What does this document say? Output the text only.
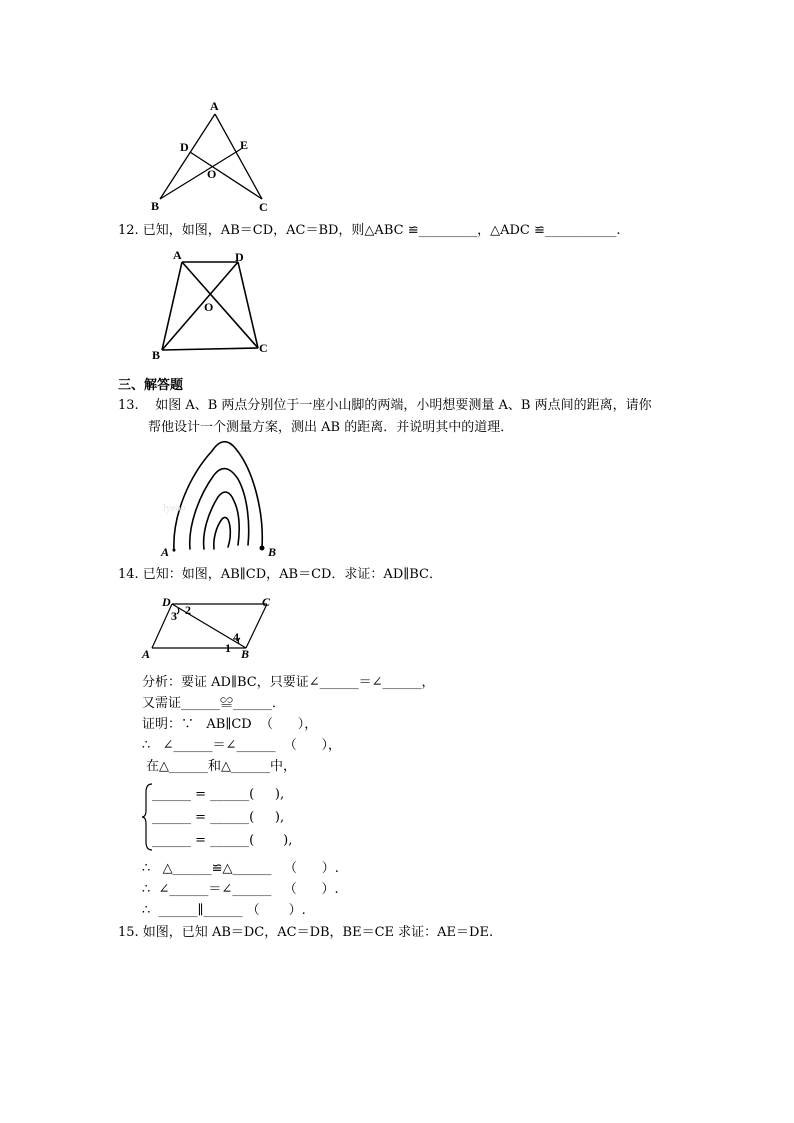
A
D	E
O
B	C
12. 已知，如图，AB＝CD，AC＝BD，则△ABC ≌_________，△ADC ≌___________.
A	D
O
B	C
三、解答题
13.    如图 A、B 两点分别位于一座小山脚的两端，小明想要测量 A、B 两点间的距离，请你
帮他设计一个测量方案，测出 AB 的距离．并说明其中的道理．
Jyeoo
A	B
14. 已知：如图，AB∥CD，AB＝CD．求证：AD∥BC．
D	C
2
3
4
1
A	B
分析：要证 AD∥BC，只要证∠______＝∠______，
又需证______≌______．
证明：∵   AB∥CD  （      ），
∴   ∠______＝∠______  （      ），
在△______和△______中，
______ = ______(     ),
______ = ______(     ),
______ = ______(       ),
∴   △______≌△______   （      ）.
∴  ∠______＝∠______   （      ）.
∴  ______∥______ （       ）.
15. 如图，已知 AB＝DC，AC＝DB，BE＝CE 求证：AE＝DE.
